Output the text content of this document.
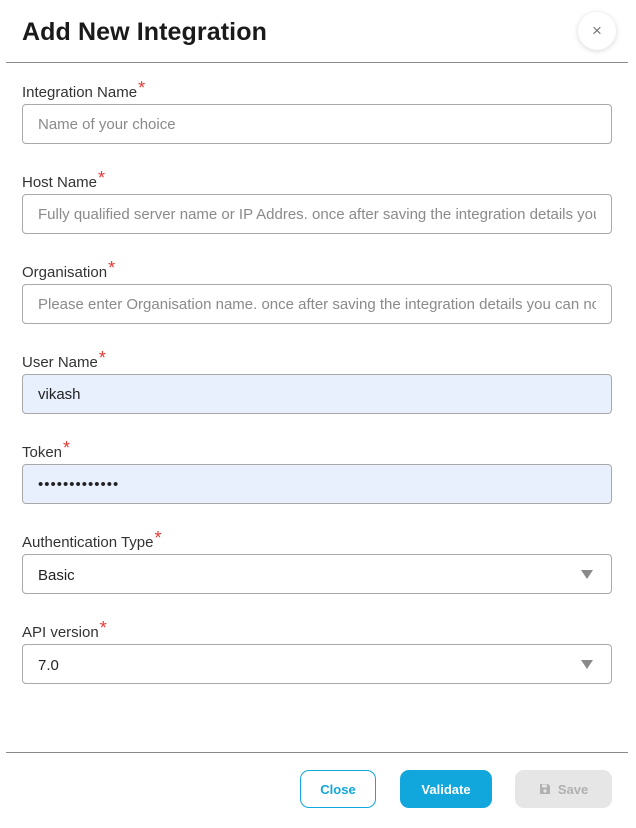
Add New Integration	×
Integration Name*
Name of your choice
Host Name*
Fully qualified server name or IP Addres. once after saving the integration details you can not modify
Organisation*
Please enter Organisation name. once after saving the integration details you can not modify
User Name*
vikash
Token*
•••••••••••••
Authentication Type*
Basic
API version*
7.0
Close	Validate	Save
